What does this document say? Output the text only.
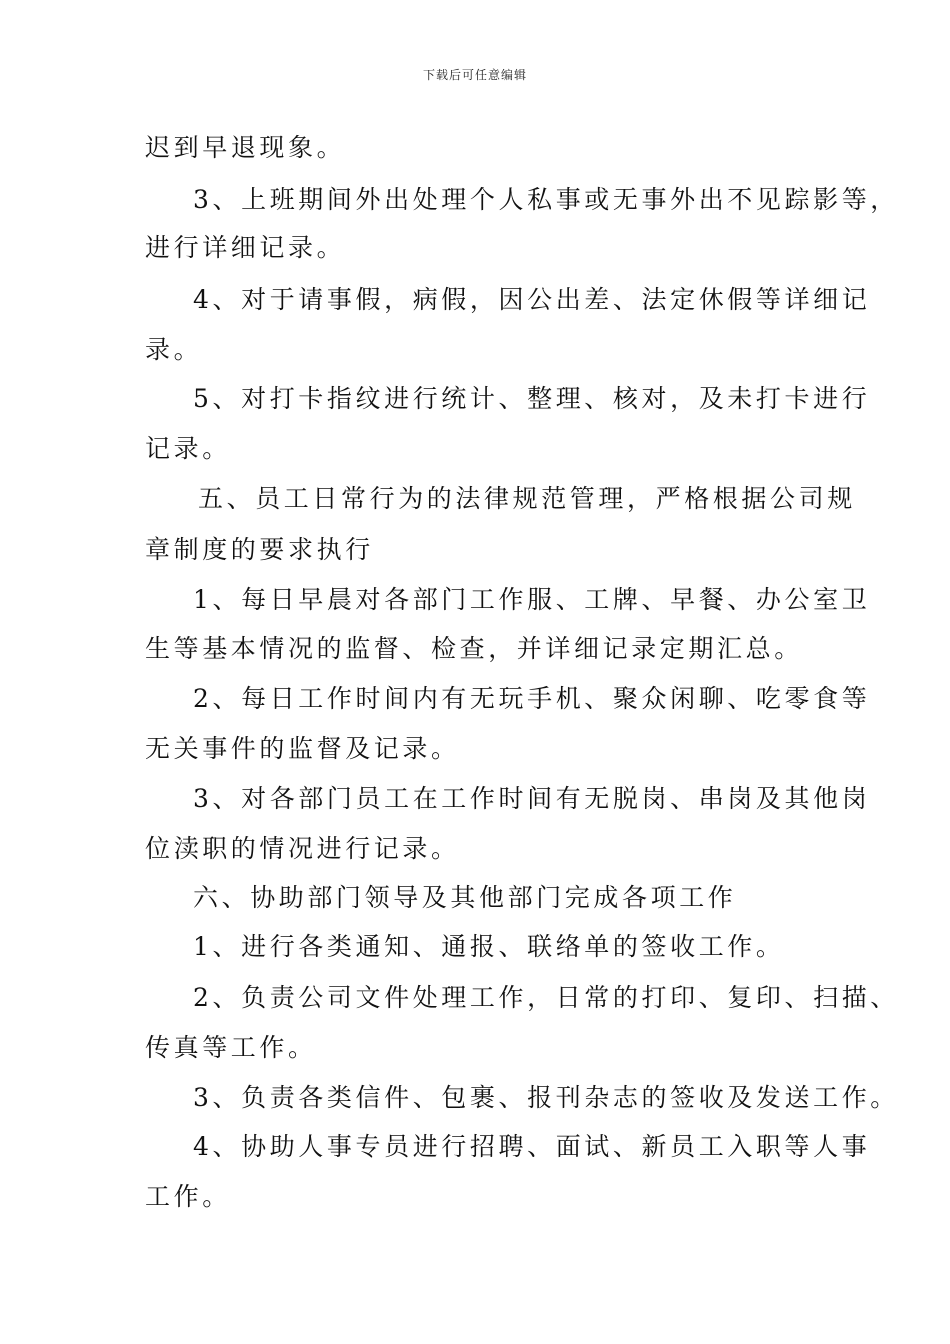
下载后可任意编辑
迟到早退现象。
3、上班期间外出处理个人私事或无事外出不见踪影等，
进行详细记录。
4、对于请事假，病假，因公出差、法定休假等详细记
录。
5、对打卡指纹进行统计、整理、核对，及未打卡进行
记录。
五、员工日常行为的法律规范管理，严格根据公司规
章制度的要求执行
1、每日早晨对各部门工作服、工牌、早餐、办公室卫
生等基本情况的监督、检查，并详细记录定期汇总。
2、每日工作时间内有无玩手机、聚众闲聊、吃零食等
无关事件的监督及记录。
3、对各部门员工在工作时间有无脱岗、串岗及其他岗
位渎职的情况进行记录。
六、协助部门领导及其他部门完成各项工作
1、进行各类通知、通报、联络单的签收工作。
2、负责公司文件处理工作，日常的打印、复印、扫描、
传真等工作。
3、负责各类信件、包裹、报刊杂志的签收及发送工作。
4、协助人事专员进行招聘、面试、新员工入职等人事
工作。
